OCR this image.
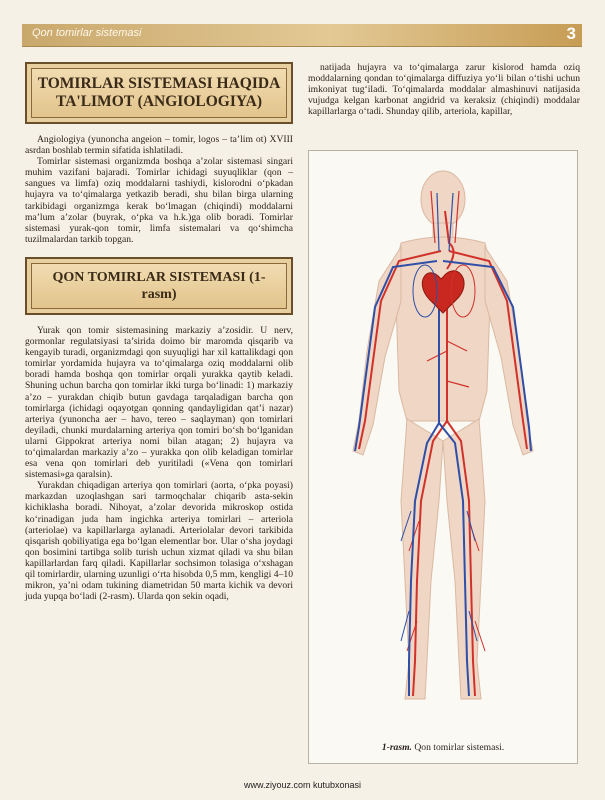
Qon tomirlar sistemasi	3
TOMIRLAR SISTEMASI HAQIDA TA'LIMOT (ANGIOLOGIYA)

Angiologiya (yunoncha angeion – tomir, logos – ta’lim ot) XVIII asrdan boshlab termin sifatida ishlatiladi.

Tomirlar sistemasi organizmda boshqa a’zolar sistemasi singari muhim vazifani bajaradi. Tomirlar ichidagi suyuqliklar (qon – sangues va limfa) oziq moddalarni tashiydi, kislorodni o‘pkadan hujayra va to‘qimalarga yetkazib beradi, shu bilan birga ularning tarkibidagi organizmga kerak bo‘lmagan (chiqindi) moddalarni ma’lum a’zolar (buyrak, o‘pka va h.k.)ga olib boradi. Tomirlar sistemasi yurak-qon tomir, limfa sistemalari va qo‘shimcha tuzilmalardan tarkib topgan.

QON TOMIRLAR SISTEMASI (1-rasm)

Yurak qon tomir sistemasining markaziy a’zosidir. U nerv, gormonlar regulatsiyasi ta’sirida doimo bir maromda qisqarib va kengayib turadi, organizmdagi qon suyuqligi har xil kattalikdagi qon tomirlar yordamida hujayra va to‘qimalarga oziq moddalarni olib boradi hamda boshqa qon tomirlar orqali yurakka qaytib keladi. Shuning uchun barcha qon tomirlar ikki turga bo‘linadi: 1) markaziy a’zo – yurakdan chiqib butun gavdaga tarqaladigan barcha qon tomirlarga (ichidagi oqayotgan qonning qandayligidan qat’i nazar) arteriya (yunoncha aer – havo, tereo – saqlayman) qon tomirlari deyiladi, chunki murdalarning arteriya qon tomiri bo‘sh bo‘lganidan ularni Gippokrat arteriya nomi bilan atagan; 2) hujayra va to‘qimalardan markaziy a’zo – yurakka qon olib keladigan tomirlar esa vena qon tomirlari deb yuritiladi («Vena qon tomirlari sistemasi»ga qaralsin).

Yurakdan chiqadigan arteriya qon tomirlari (aorta, o‘pka poyasi) markazdan uzoqlashgan sari tarmoqchalar chiqarib asta-sekin kichiklasha boradi. Nihoyat, a’zolar devorida mikroskop ostida ko‘rinadigan juda ham ingichka arteriya tomirlari – arteriola (arteriolae) va kapillarlarga aylanadi. Arteriolalar devori tarkibida qisqarish qobiliyatiga ega bo‘lgan elementlar bor. Ular o‘sha joydagi qon bosimini tartibga solib turish uchun xizmat qiladi va shu bilan kapillarlardan farq qiladi. Kapillarlar sochsimon tolasiga o‘xshagan qil tomirlardir, ularning uzunligi o‘rta hisobda 0,5 mm, kengligi 4–10 mikron, ya’ni odam tukining diametridan 50 marta kichik va devori juda yupqa bo‘ladi (2-rasm). Ularda qon sekin oqadi,

natijada hujayra va to‘qimalarga zarur kislorod hamda oziq moddalarning qondan to‘qimalarga diffuziya yo‘li bilan o‘tishi uchun imkoniyat tug‘iladi. To‘qimalarda moddalar almashinuvi natijasida vujudga kelgan karbonat angidrid va keraksiz (chiqindi) moddalar kapillarlarga o‘tadi. Shunday qilib, arteriola, kapillar,

1-rasm. Qon tomirlar sistemasi.
www.ziyouz.com kutubxonasi
